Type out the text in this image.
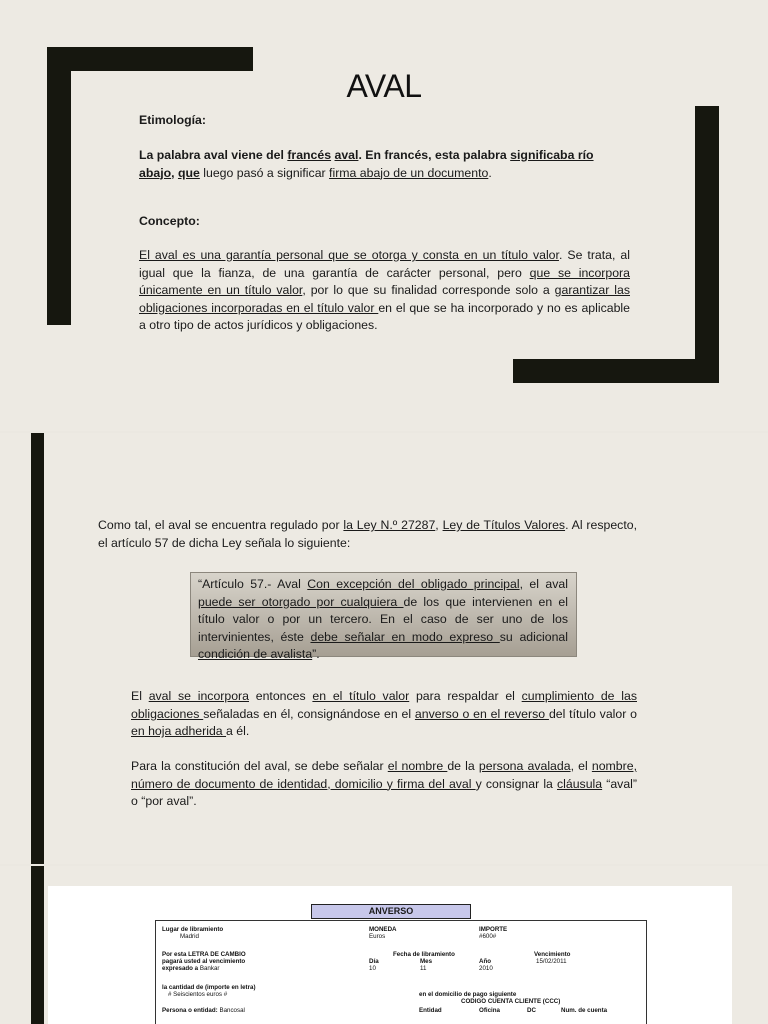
AVAL

Etimología:

La palabra aval viene del francés aval. En francés, esta palabra significaba río abajo, que luego pasó a significar firma abajo de un documento.

Concepto:

El aval es una garantía personal que se otorga y consta en un título valor. Se trata, al igual que la fianza, de una garantía de carácter personal, pero que se incorpora únicamente en un título valor, por lo que su finalidad corresponde solo a garantizar las obligaciones incorporadas en el título valor en el que se ha incorporado y no es aplicable a otro tipo de actos jurídicos y obligaciones.

Como tal, el aval se encuentra regulado por la Ley N.º 27287, Ley de Títulos Valores. Al respecto, el artículo 57 de dicha Ley señala lo siguiente:

“Artículo 57.- Aval Con excepción del obligado principal, el aval puede ser otorgado por cualquiera de los que intervienen en el título valor o por un tercero. En el caso de ser uno de los intervinientes, éste debe señalar en modo expreso su adicional condición de avalista”.

El aval se incorpora entonces en el título valor para respaldar el cumplimiento de las obligaciones señaladas en él, consignándose en el anverso o en el reverso del título valor o en hoja adherida a él.

Para la constitución del aval, se debe señalar el nombre de la persona avalada, el nombre, número de documento de identidad, domicilio y firma del aval y consignar la cláusula “aval” o “por aval”.

ANVERSO
Lugar de libramiento
Madrid
MONEDA
Euros
IMPORTE
#600#
Por esta LETRA DE CAMBIO
pagará usted al vencimiento
expresado a Bankar
Fecha de libramiento
Día	Mes	Año
10	11	2010
Vencimiento
15/02/2011
la cantidad de (importe en letra)
# Seiscientos euros #	en el domicilio de pago siguiente
CODIGO CUENTA CLIENTE (CCC)
Persona o entidad: Bancosal	Entidad	Oficina	DC	Num. de cuenta
